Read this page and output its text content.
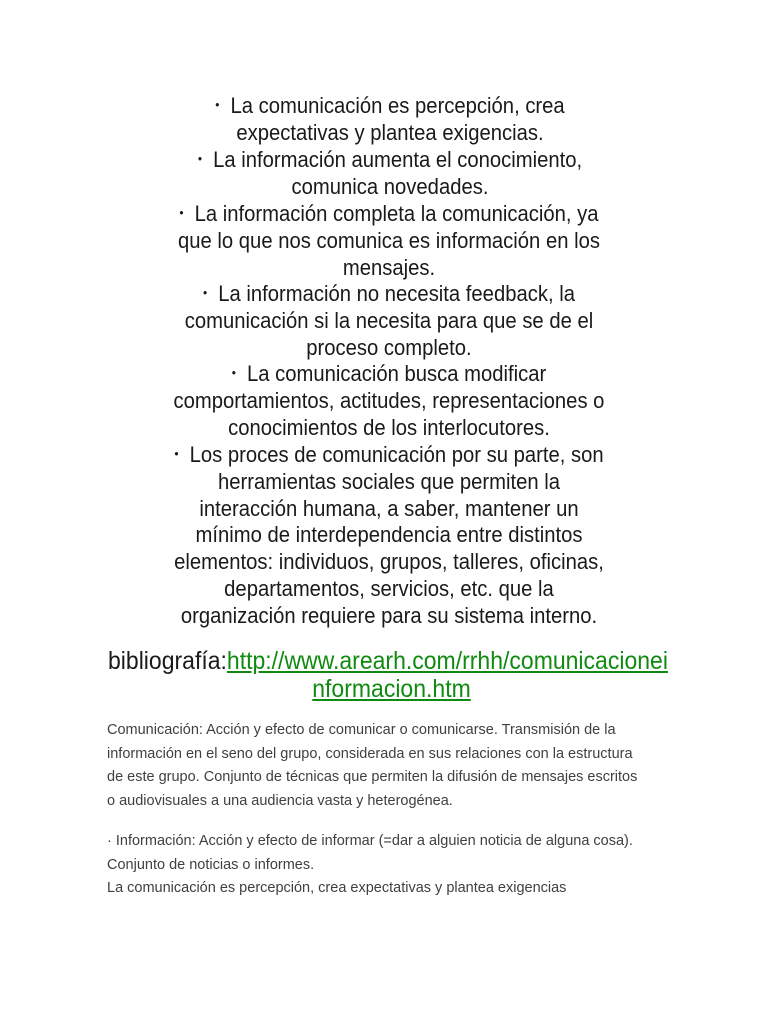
• La comunicación es percepción, crea
expectativas y plantea exigencias.
• La información aumenta el conocimiento,
comunica novedades.
• La información completa la comunicación, ya
que lo que nos comunica es información en los
mensajes.
• La información no necesita feedback, la
comunicación si la necesita para que se de el
proceso completo.
• La comunicación busca modificar
comportamientos, actitudes, representaciones o
conocimientos de los interlocutores.
• Los proces de comunicación por su parte, son
herramientas sociales que permiten la
interacción humana, a saber, mantener un
mínimo de interdependencia entre distintos
elementos: individuos, grupos, talleres, oficinas,
departamentos, servicios, etc. que la
organización requiere para su sistema interno.
bibliografía:http://www.arearh.com/rrhh/comunicacionei
nformacion.htm
Comunicación: Acción y efecto de comunicar o comunicarse. Transmisión de la
información en el seno del grupo, considerada en sus relaciones con la estructura
de este grupo. Conjunto de técnicas que permiten la difusión de mensajes escritos
o audiovisuales a una audiencia vasta y heterogénea.
· Información: Acción y efecto de informar (=dar a alguien noticia de alguna cosa).
Conjunto de noticias o informes.
La comunicación es percepción, crea expectativas y plantea exigencias
